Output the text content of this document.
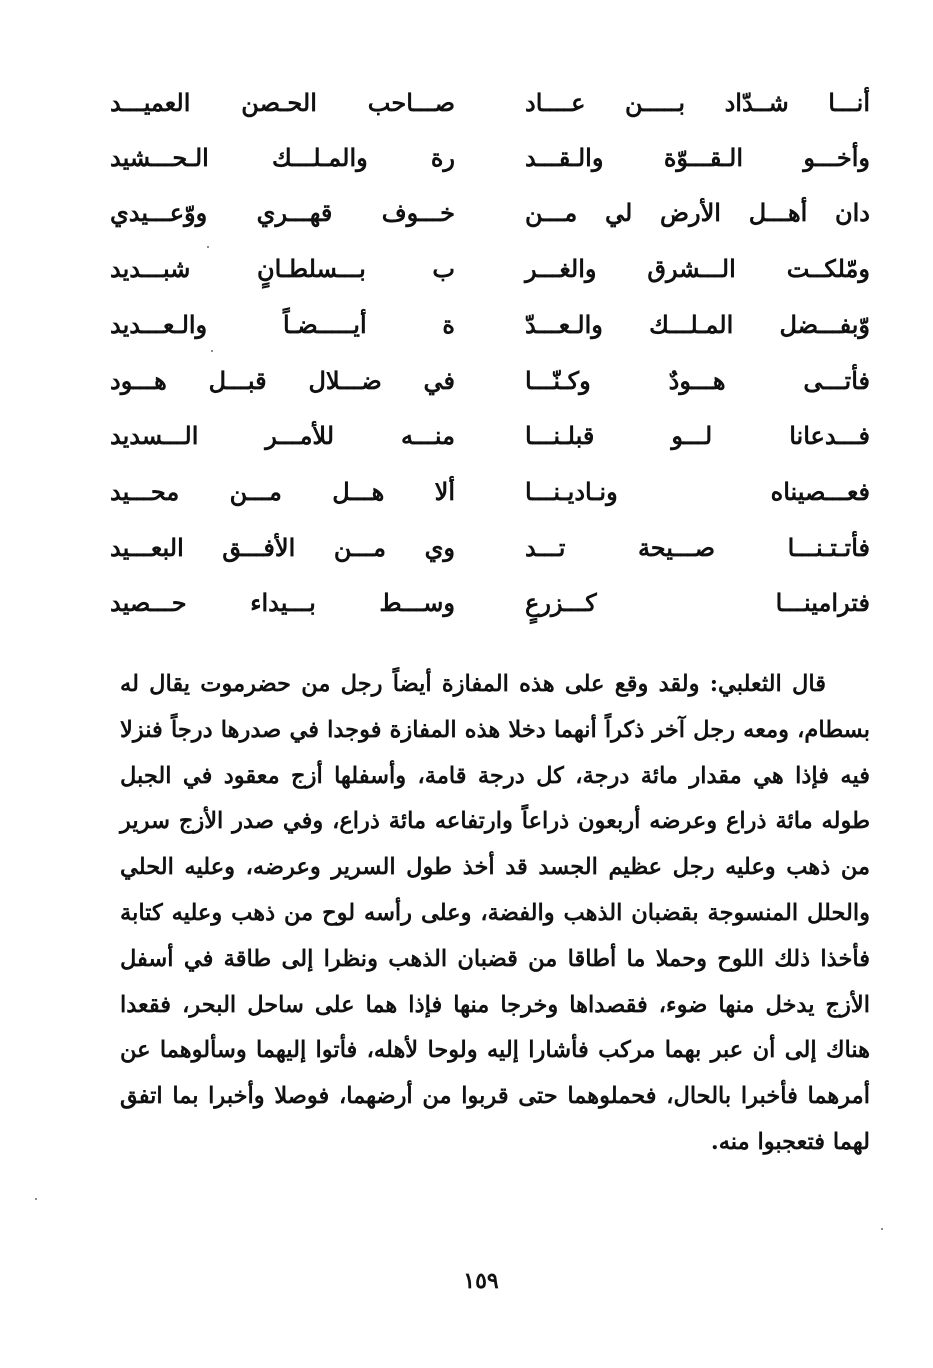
أنـــا شــدّاد بـــــن عــــاد
صـــاحب الحـصن العميـــد
وأخـــو الـقـــوّة والـقـــد
رة والمـلـــك الـحـــشيد
دان أهـــل الأرض لي مـــن
خـــوف قهـــري ووّعـــيدي
ومّلكــت الـــشرق والغـــر
ب بـــسلطـانٍ شبـــديد
وّبفـــضل المـلـــك والـعـــدّ
ة أيـــــضـاً والـعـــديد
فأتـــى هـــودٌ وكـنّـــا
في ضـــلال قبـــل هـــود
فـــدعانا لـــو قبلـنـــا
منـــه للأمـــر الـــسديد
فعـــصيناه ونـاديـنـــا
ألا هـــل مـــن محـــيد
فأتـتـنـــا صـــيحة تـــد
وي مـــن الأفـــق البعـــيد
فترامينـــا كـــزرعٍ
وســـط بـــيداء حـــصيد

قال الثعلبي: ولقد وقع على هذه المفازة أيضاً رجل من حضرموت يقال له بسطام، ومعه رجل آخر ذكراً أنهما دخلا هذه المفازة فوجدا في صدرها درجاً فنزلا فيه فإذا هي مقدار مائة درجة، كل درجة قامة، وأسفلها أزج معقود في الجبل طوله مائة ذراع وعرضه أربعون ذراعاً وارتفاعه مائة ذراع، وفي صدر الأزج سرير من ذهب وعليه رجل عظيم الجسد قد أخذ طول السرير وعرضه، وعليه الحلي والحلل المنسوجة بقضبان الذهب والفضة، وعلى رأسه لوح من ذهب وعليه كتابة فأخذا ذلك اللوح وحملا ما أطاقا من قضبان الذهب ونظرا إلى طاقة في أسفل الأزج يدخل منها ضوء، فقصداها وخرجا منها فإذا هما على ساحل البحر، فقعدا هناك إلى أن عبر بهما مركب فأشارا إليه ولوحا لأهله، فأتوا إليهما وسألوهما عن أمرهما فأخبرا بالحال، فحملوهما حتى قربوا من أرضهما، فوصلا وأخبرا بما اتفق لهما فتعجبوا منه.

١٥٩
